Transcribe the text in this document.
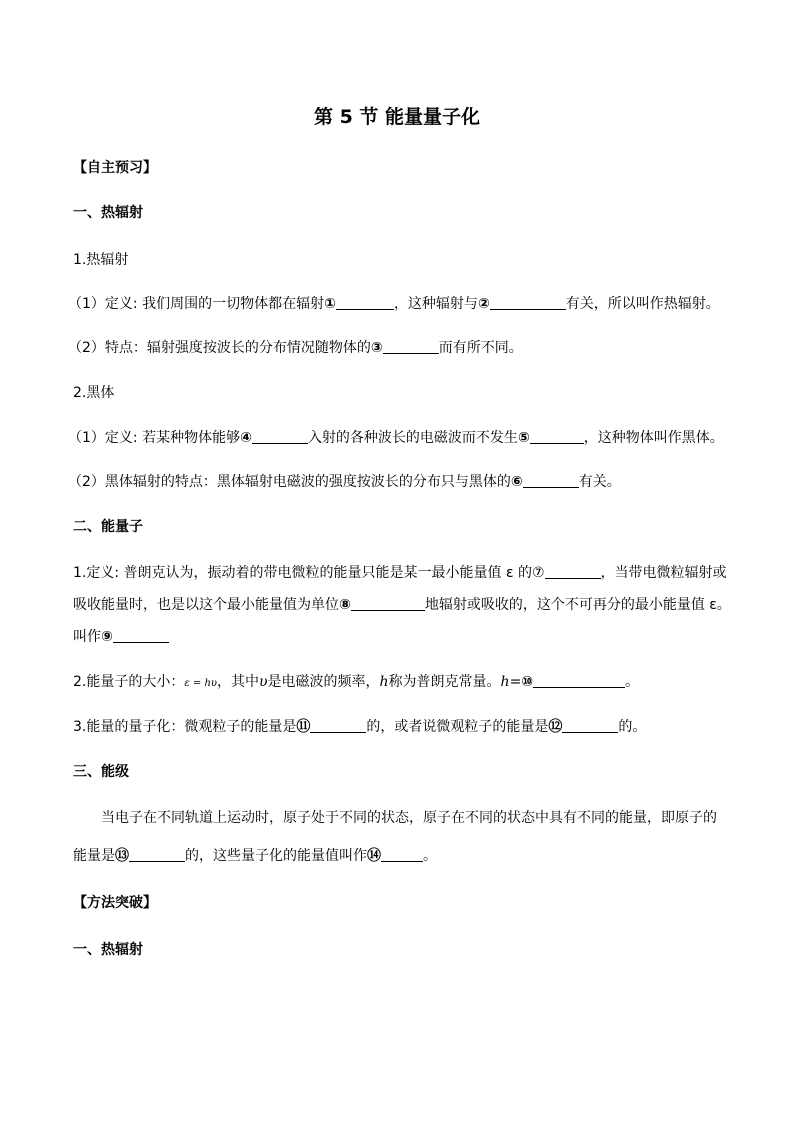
第 5 节 能量量子化
【自主预习】
一、热辐射
1.热辐射
（1）定义: 我们周围的一切物体都在辐射①	，这种辐射与②	有关，所以叫作热辐射。
（2）特点：辐射强度按波长的分布情况随物体的③	而有所不同。
2.黑体
（1）定义: 若某种物体能够④	入射的各种波长的电磁波而不发生⑤	，这种物体叫作黑体。
（2）黑体辐射的特点：黑体辐射电磁波的强度按波长的分布只与黑体的⑥	有关。
二、能量子
1.定义: 普朗克认为，振动着的带电微粒的能量只能是某一最小能量值 ε 的⑦	，当带电微粒辐射或
吸收能量时，也是以这个最小能量值为单位⑧	地辐射或吸收的，这个不可再分的最小能量值 ε。
叫作⑨
2.能量子的大小：ε = hυ，其中υ是电磁波的频率，h称为普朗克常量。h=⑩	。
3.能量的量子化：微观粒子的能量是⑪	的，或者说微观粒子的能量是⑫	的。
三、能级
当电子在不同轨道上运动时，原子处于不同的状态，原子在不同的状态中具有不同的能量，即原子的
能量是⑬	的，这些量子化的能量值叫作⑭	。
【方法突破】
一、热辐射
